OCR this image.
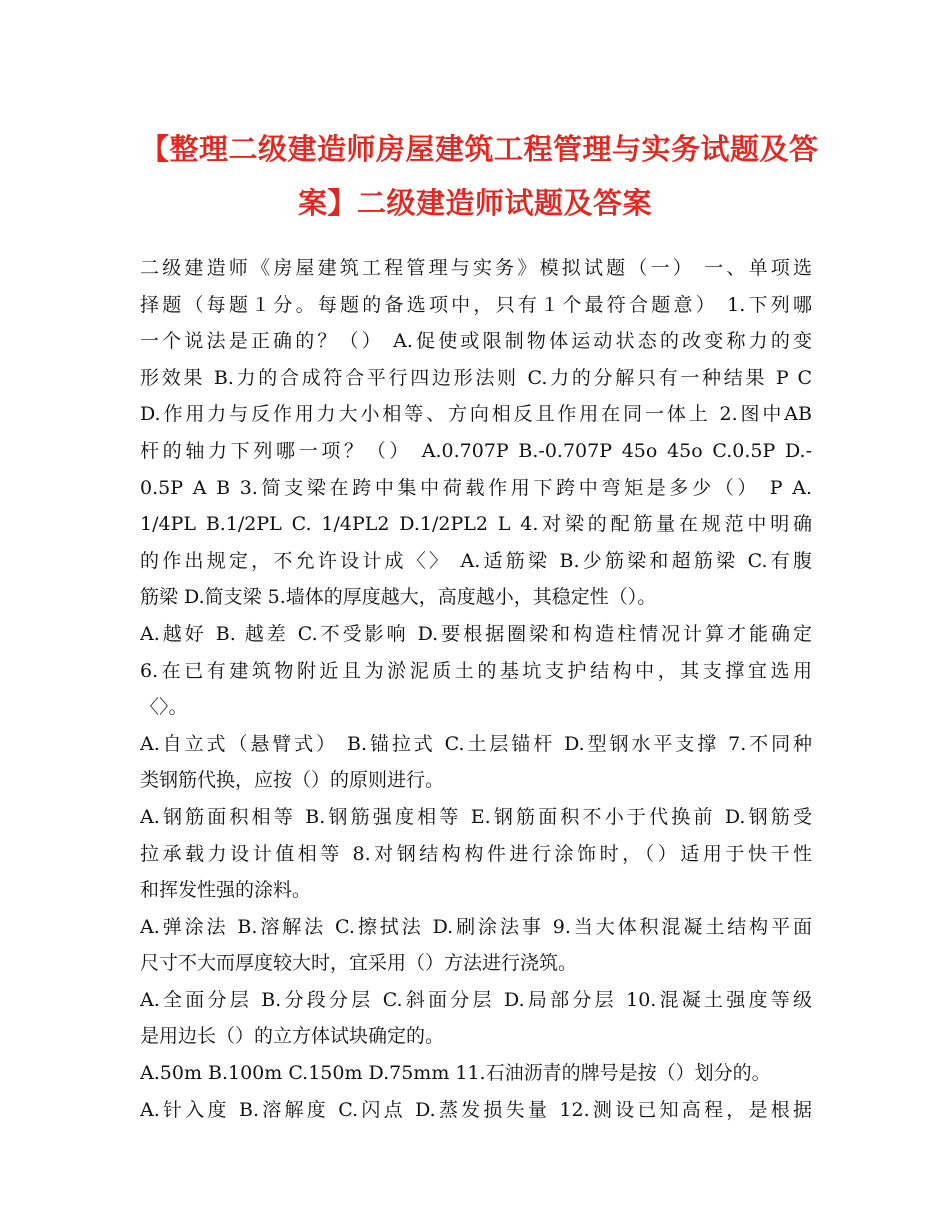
【整理二级建造师房屋建筑工程管理与实务试题及答
案】二级建造师试题及答案
二级建造师《房屋建筑工程管理与实务》模拟试题（一） 一、单项选
择题（每题１分。每题的备选项中，只有１个最符合题意） 1.下列哪
一个说法是正确的？（） A.促使或限制物体运动状态的改变称力的变
形效果 B.力的合成符合平行四边形法则 C.力的分解只有一种结果 P C
D.作用力与反作用力大小相等、方向相反且作用在同一体上 2.图中AB
杆的轴力下列哪一项？（） A.0.707P B.-0.707P 45o 45o C.0.5P D.-
0.5P A B 3.简支梁在跨中集中荷载作用下跨中弯矩是多少（） P A.
1/4PL B.1/2PL C. 1/4PL2 D.1/2PL2 L 4.对梁的配筋量在规范中明确
的作出规定，不允许设计成〈〉 A.适筋梁 B.少筋梁和超筋梁 C.有腹
筋梁 D.简支梁 5.墙体的厚度越大，高度越小，其稳定性（）。
A.越好 B. 越差 C.不受影响 D.要根据圈梁和构造柱情况计算才能确定
6.在已有建筑物附近且为淤泥质土的基坑支护结构中，其支撑宜选用
〈〉。
A.自立式（悬臂式） B.锚拉式 C.土层锚杆 D.型钢水平支撑 7.不同种
类钢筋代换，应按（）的原则进行。
A.钢筋面积相等 B.钢筋强度相等 E.钢筋面积不小于代换前 D.钢筋受
拉承载力设计值相等 8.对钢结构构件进行涂饰时，（）适用于快干性
和挥发性强的涂料。
A.弹涂法 B.溶解法 C.擦拭法 D.刷涂法事 9.当大体积混凝土结构平面
尺寸不大而厚度较大时，宜采用（）方法进行浇筑。
A.全面分层 B.分段分层 C.斜面分层 D.局部分层 10.混凝土强度等级
是用边长（）的立方体试块确定的。
A.50m B.100m C.150m D.75mm 11.石油沥青的牌号是按（）划分的。
A.针入度 B.溶解度 C.闪点 D.蒸发损失量 12.测设已知高程，是根据
